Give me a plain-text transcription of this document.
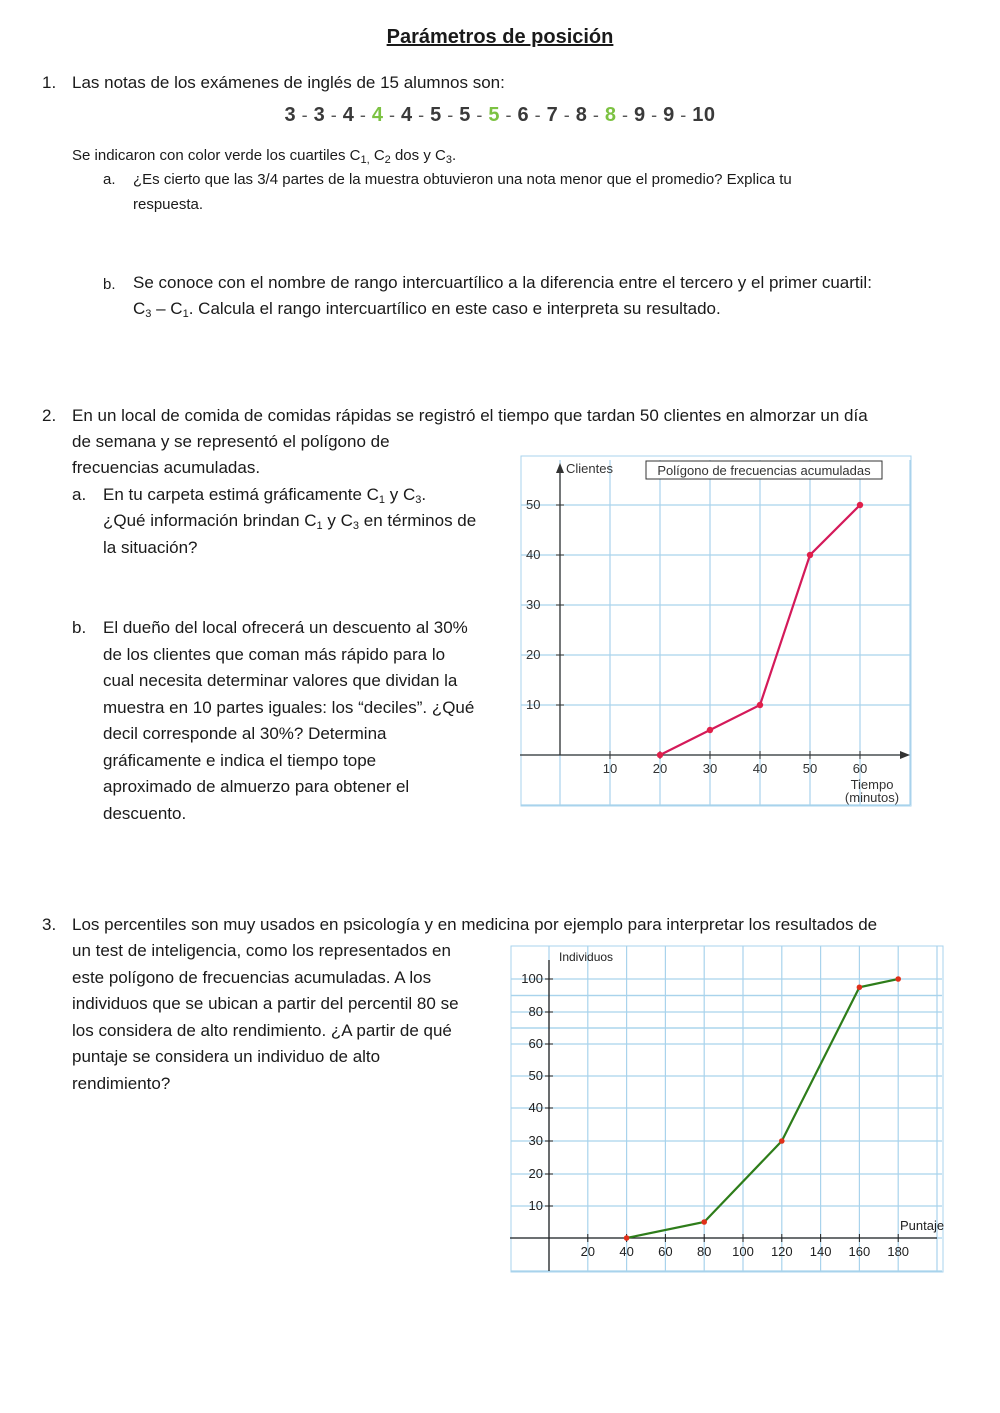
Parámetros de posición
1. Las notas de los exámenes de inglés de 15 alumnos son:
3 - 3 - 4 - 4 - 4 - 5 - 5 - 5 - 6 - 7 - 8 - 8 - 9 - 9 - 10
Se indicaron con color verde los cuartiles $C_{1,}$ $C_2$ dos y $C_3$.
a. ¿Es cierto que las 3/4 partes de la muestra obtuvieron una nota menor que el promedio? Explica tu
respuesta.
b. Se conoce con el nombre de rango intercuartílico a la diferencia entre el tercero y el primer cuartil:
$C_3 - C_1$. Calcula el rango intercuartílico en este caso e interpreta su resultado.
2. En un local de comida de comidas rápidas se registró el tiempo que tardan 50 clientes en almorzar un día
de semana y se representó el polígono de
frecuencias acumuladas.
a. En tu carpeta estimá gráficamente $C_1$ y $C_3$.
¿Qué información brindan $C_1$ y $C_3$ en términos de
la situación?
b. El dueño del local ofrecerá un descuento al 30%
de los clientes que coman más rápido para lo
cual necesita determinar valores que dividan la
muestra en 10 partes iguales: los “deciles”. ¿Qué
decil corresponde al 30%? Determina
gráficamente e indica el tiempo tope
aproximado de almuerzo para obtener el
descuento.
10	20	30	40	50	60
10
20
30
40
50
Clientes	Polígono de frecuencias acumuladas
Tiempo
(minutos)
3. Los percentiles son muy usados en psicología y en medicina por ejemplo para interpretar los resultados de
un test de inteligencia, como los representados en
este polígono de frecuencias acumuladas. A los
individuos que se ubican a partir del percentil 80 se
los considera de alto rendimiento. ¿A partir de qué
puntaje se considera un individuo de alto
rendimiento?
20 40 60 80 100 120 140 160 180
10
20
30
40
50
60
80
100
Individuos
Puntaje
